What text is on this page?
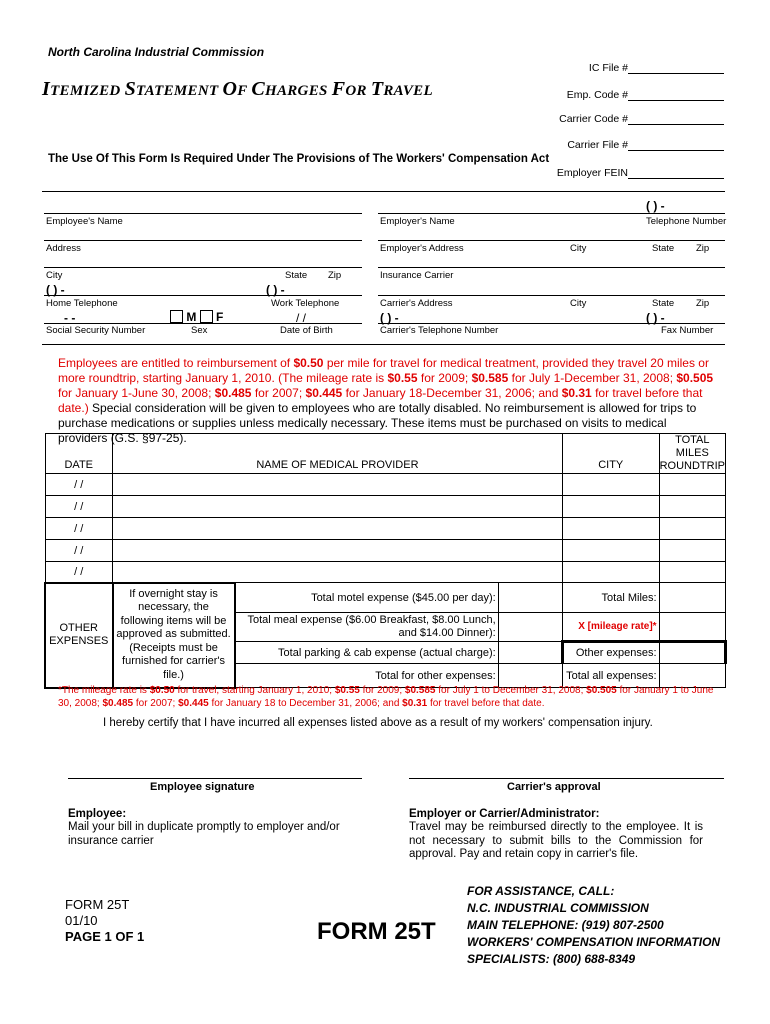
North Carolina Industrial Commission
ITEMIZED STATEMENT OF CHARGES FOR TRAVEL
The Use Of This Form Is Required Under The Provisions of The Workers' Compensation Act
IC File #
Emp. Code #
Carrier Code #
Carrier File #
Employer FEIN
Employee's Name
Address
City	State Zip
( ) -	( ) -
Home Telephone	Work Telephone
- -	M F	/ /
Social Security Number	Sex	Date of Birth
( ) -
Employer's Name	Telephone Number
Employer's Address	City	State Zip
Insurance Carrier
Carrier's Address	City	State Zip
( ) -	( ) -
Carrier's Telephone Number	Fax Number
Employees are entitled to reimbursement of $0.50 per mile for travel for medical treatment, provided they travel 20 miles or more roundtrip, starting January 1, 2010. (The mileage rate is $0.55 for 2009; $0.585 for July 1-December 31, 2008; $0.505 for January 1-June 30, 2008; $0.485 for 2007; $0.445 for January 18-December 31, 2006; and $0.31 for travel before that date.) Special consideration will be given to employees who are totally disabled. No reimbursement is allowed for trips to purchase medications or supplies unless medically necessary. These items must be purchased on visits to medical providers (G.S. §97-25).
DATE	NAME OF MEDICAL PROVIDER			CITY	TOTAL MILES ROUNDTRIP
/ /					
/ /					
/ /					
/ /					
/ /					
OTHER EXPENSES	If overnight stay is necessary, the following items will be approved as submitted. (Receipts must be furnished for carrier's file.)	Total motel expense ($45.00 per day):		Total Miles:	
		Total meal expense ($6.00 Breakfast, $8.00 Lunch, and $14.00 Dinner):		X [mileage rate]*	
		Total parking & cab expense (actual charge):		Other expenses:	
		Total for other expenses:		Total all expenses:	
*The mileage rate is $0.50 for travel, starting January 1, 2010; $0.55 for 2009; $0.585 for July 1 to December 31, 2008; $0.505 for January 1 to June 30, 2008; $0.485 for 2007; $0.445 for January 18 to December 31, 2006; and $0.31 for travel before that date.
I hereby certify that I have incurred all expenses listed above as a result of my workers' compensation injury.
Employee signature	Carrier's approval
Employee:
Mail your bill in duplicate promptly to employer and/or insurance carrier
Employer or Carrier/Administrator:
Travel may be reimbursed directly to the employee. It is not necessary to submit bills to the Commission for approval. Pay and retain copy in carrier's file.
FORM 25T
01/10
PAGE 1 OF 1	FORM 25T
FOR ASSISTANCE, CALL:
N.C. INDUSTRIAL COMMISSION
MAIN TELEPHONE: (919) 807-2500
WORKERS' COMPENSATION INFORMATION
SPECIALISTS: (800) 688-8349
